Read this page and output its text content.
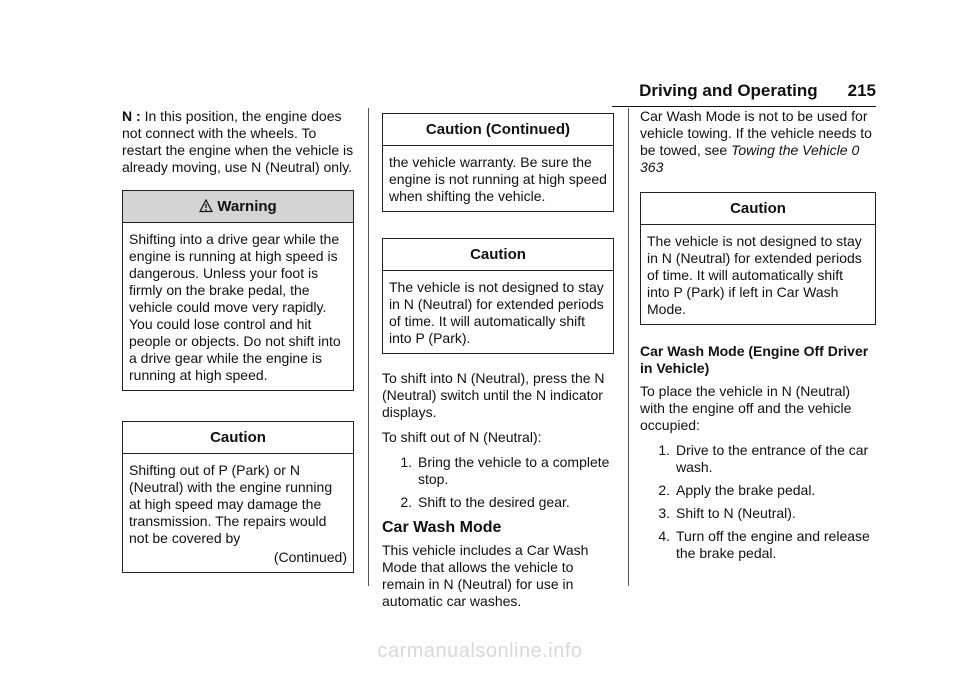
Driving and Operating 215

N : In this position, the engine does not connect with the wheels. To restart the engine when the vehicle is already moving, use N (Neutral) only.

Warning
Shifting into a drive gear while the engine is running at high speed is dangerous. Unless your foot is firmly on the brake pedal, the vehicle could move very rapidly. You could lose control and hit people or objects. Do not shift into a drive gear while the engine is running at high speed.
Caution
Shifting out of P (Park) or N (Neutral) with the engine running at high speed may damage the transmission. The repairs would not be covered by
(Continued)
Caution (Continued)
the vehicle warranty. Be sure the engine is not running at high speed when shifting the vehicle.
Caution
The vehicle is not designed to stay in N (Neutral) for extended periods of time. It will automatically shift into P (Park).

To shift into N (Neutral), press the N (Neutral) switch until the N indicator displays.

To shift out of N (Neutral):

1. Bring the vehicle to a complete stop.
2. Shift to the desired gear.
Car Wash Mode

This vehicle includes a Car Wash Mode that allows the vehicle to remain in N (Neutral) for use in automatic car washes.

Car Wash Mode is not to be used for vehicle towing. If the vehicle needs to be towed, see Towing the Vehicle 0 363

Caution
The vehicle is not designed to stay in N (Neutral) for extended periods of time. It will automatically shift into P (Park) if left in Car Wash Mode.
Car Wash Mode (Engine Off Driver in Vehicle)

To place the vehicle in N (Neutral) with the engine off and the vehicle occupied:

1. Drive to the entrance of the car wash.
2. Apply the brake pedal.
3. Shift to N (Neutral).
4. Turn off the engine and release the brake pedal.
carmanualsonline.info
